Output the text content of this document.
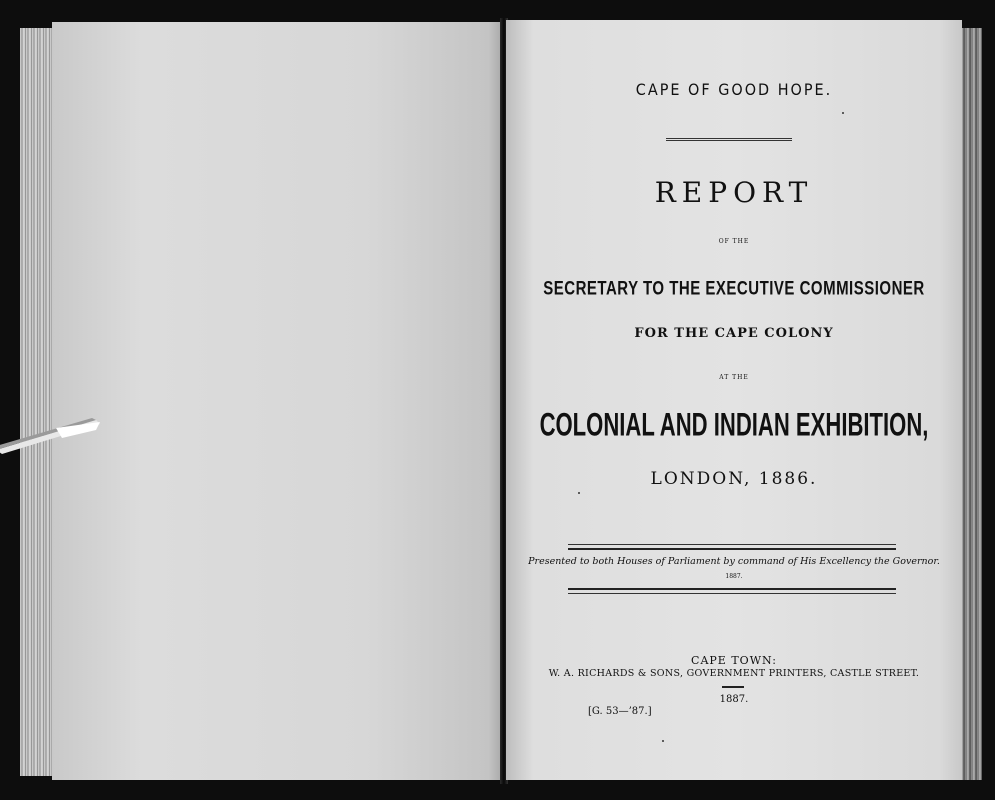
CAPE OF GOOD HOPE.
REPORT
OF THE
SECRETARY TO THE EXECUTIVE COMMISSIONER
FOR THE CAPE COLONY
AT THE
COLONIAL AND INDIAN EXHIBITION,
LONDON, 1886.
Presented to both Houses of Parliament by command of His Excellency the Governor.
1887.
CAPE TOWN:
W. A. RICHARDS & SONS, GOVERNMENT PRINTERS, CASTLE STREET.
1887.
[G. 53—’87.]
